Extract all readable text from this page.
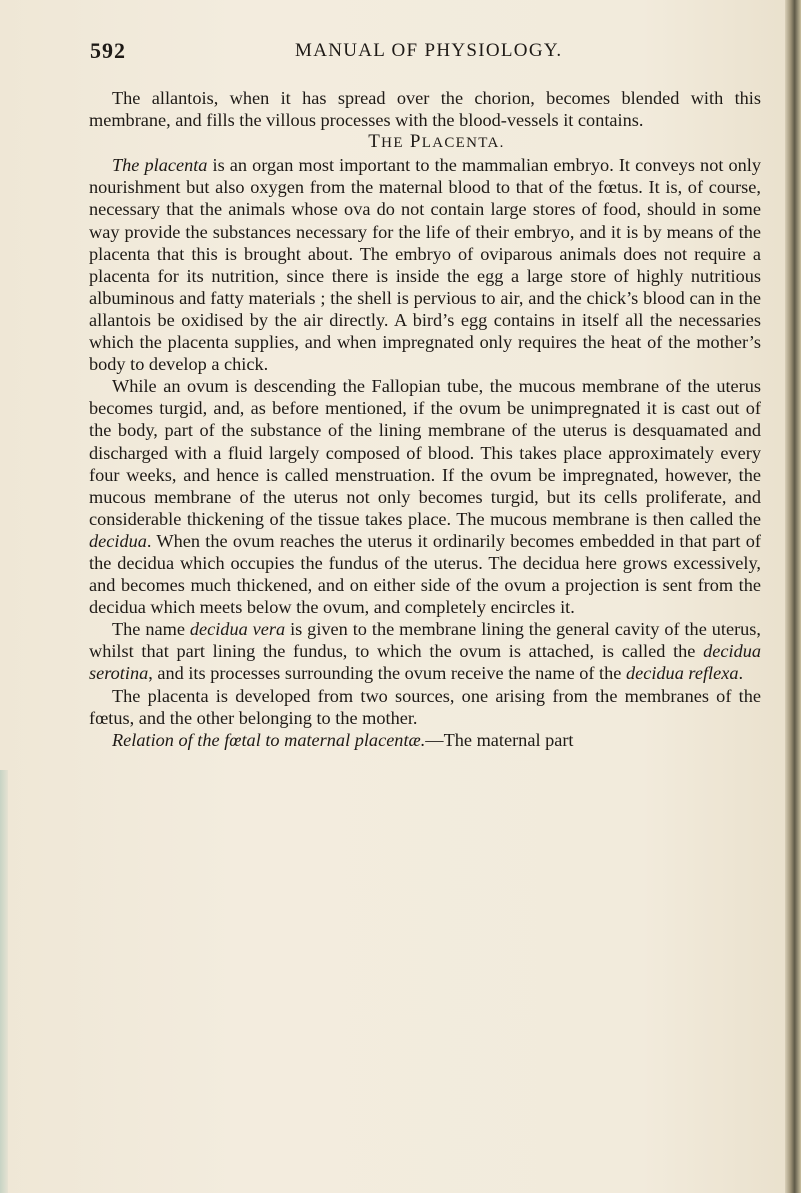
592	MANUAL OF PHYSIOLOGY.

The allantois, when it has spread over the chorion, becomes blended with this membrane, and fills the villous processes with the blood-vessels it contains.

THE PLACENTA.

The placenta is an organ most important to the mammalian embryo. It conveys not only nourishment but also oxygen from the maternal blood to that of the fœtus. It is, of course, necessary that the animals whose ova do not contain large stores of food, should in some way provide the substances necessary for the life of their embryo, and it is by means of the placenta that this is brought about. The embryo of oviparous animals does not require a placenta for its nutrition, since there is inside the egg a large store of highly nutritious albuminous and fatty materials ; the shell is pervious to air, and the chick’s blood can in the allantois be oxidised by the air directly. A bird’s egg contains in itself all the necessaries which the placenta supplies, and when impregnated only requires the heat of the mother’s body to develop a chick.

While an ovum is descending the Fallopian tube, the mucous membrane of the uterus becomes turgid, and, as before mentioned, if the ovum be unimpregnated it is cast out of the body, part of the substance of the lining membrane of the uterus is desquamated and discharged with a fluid largely composed of blood. This takes place approximately every four weeks, and hence is called menstruation. If the ovum be impregnated, however, the mucous membrane of the uterus not only becomes turgid, but its cells proliferate, and considerable thickening of the tissue takes place. The mucous membrane is then called the decidua. When the ovum reaches the uterus it ordinarily becomes embedded in that part of the decidua which occupies the fundus of the uterus. The decidua here grows excessively, and becomes much thickened, and on either side of the ovum a projection is sent from the decidua which meets below the ovum, and completely encircles it.

The name decidua vera is given to the membrane lining the general cavity of the uterus, whilst that part lining the fundus, to which the ovum is attached, is called the decidua serotina, and its processes surrounding the ovum receive the name of the decidua reflexa.

The placenta is developed from two sources, one arising from the membranes of the fœtus, and the other belonging to the mother.

Relation of the fœtal to maternal placentæ.—The maternal part
